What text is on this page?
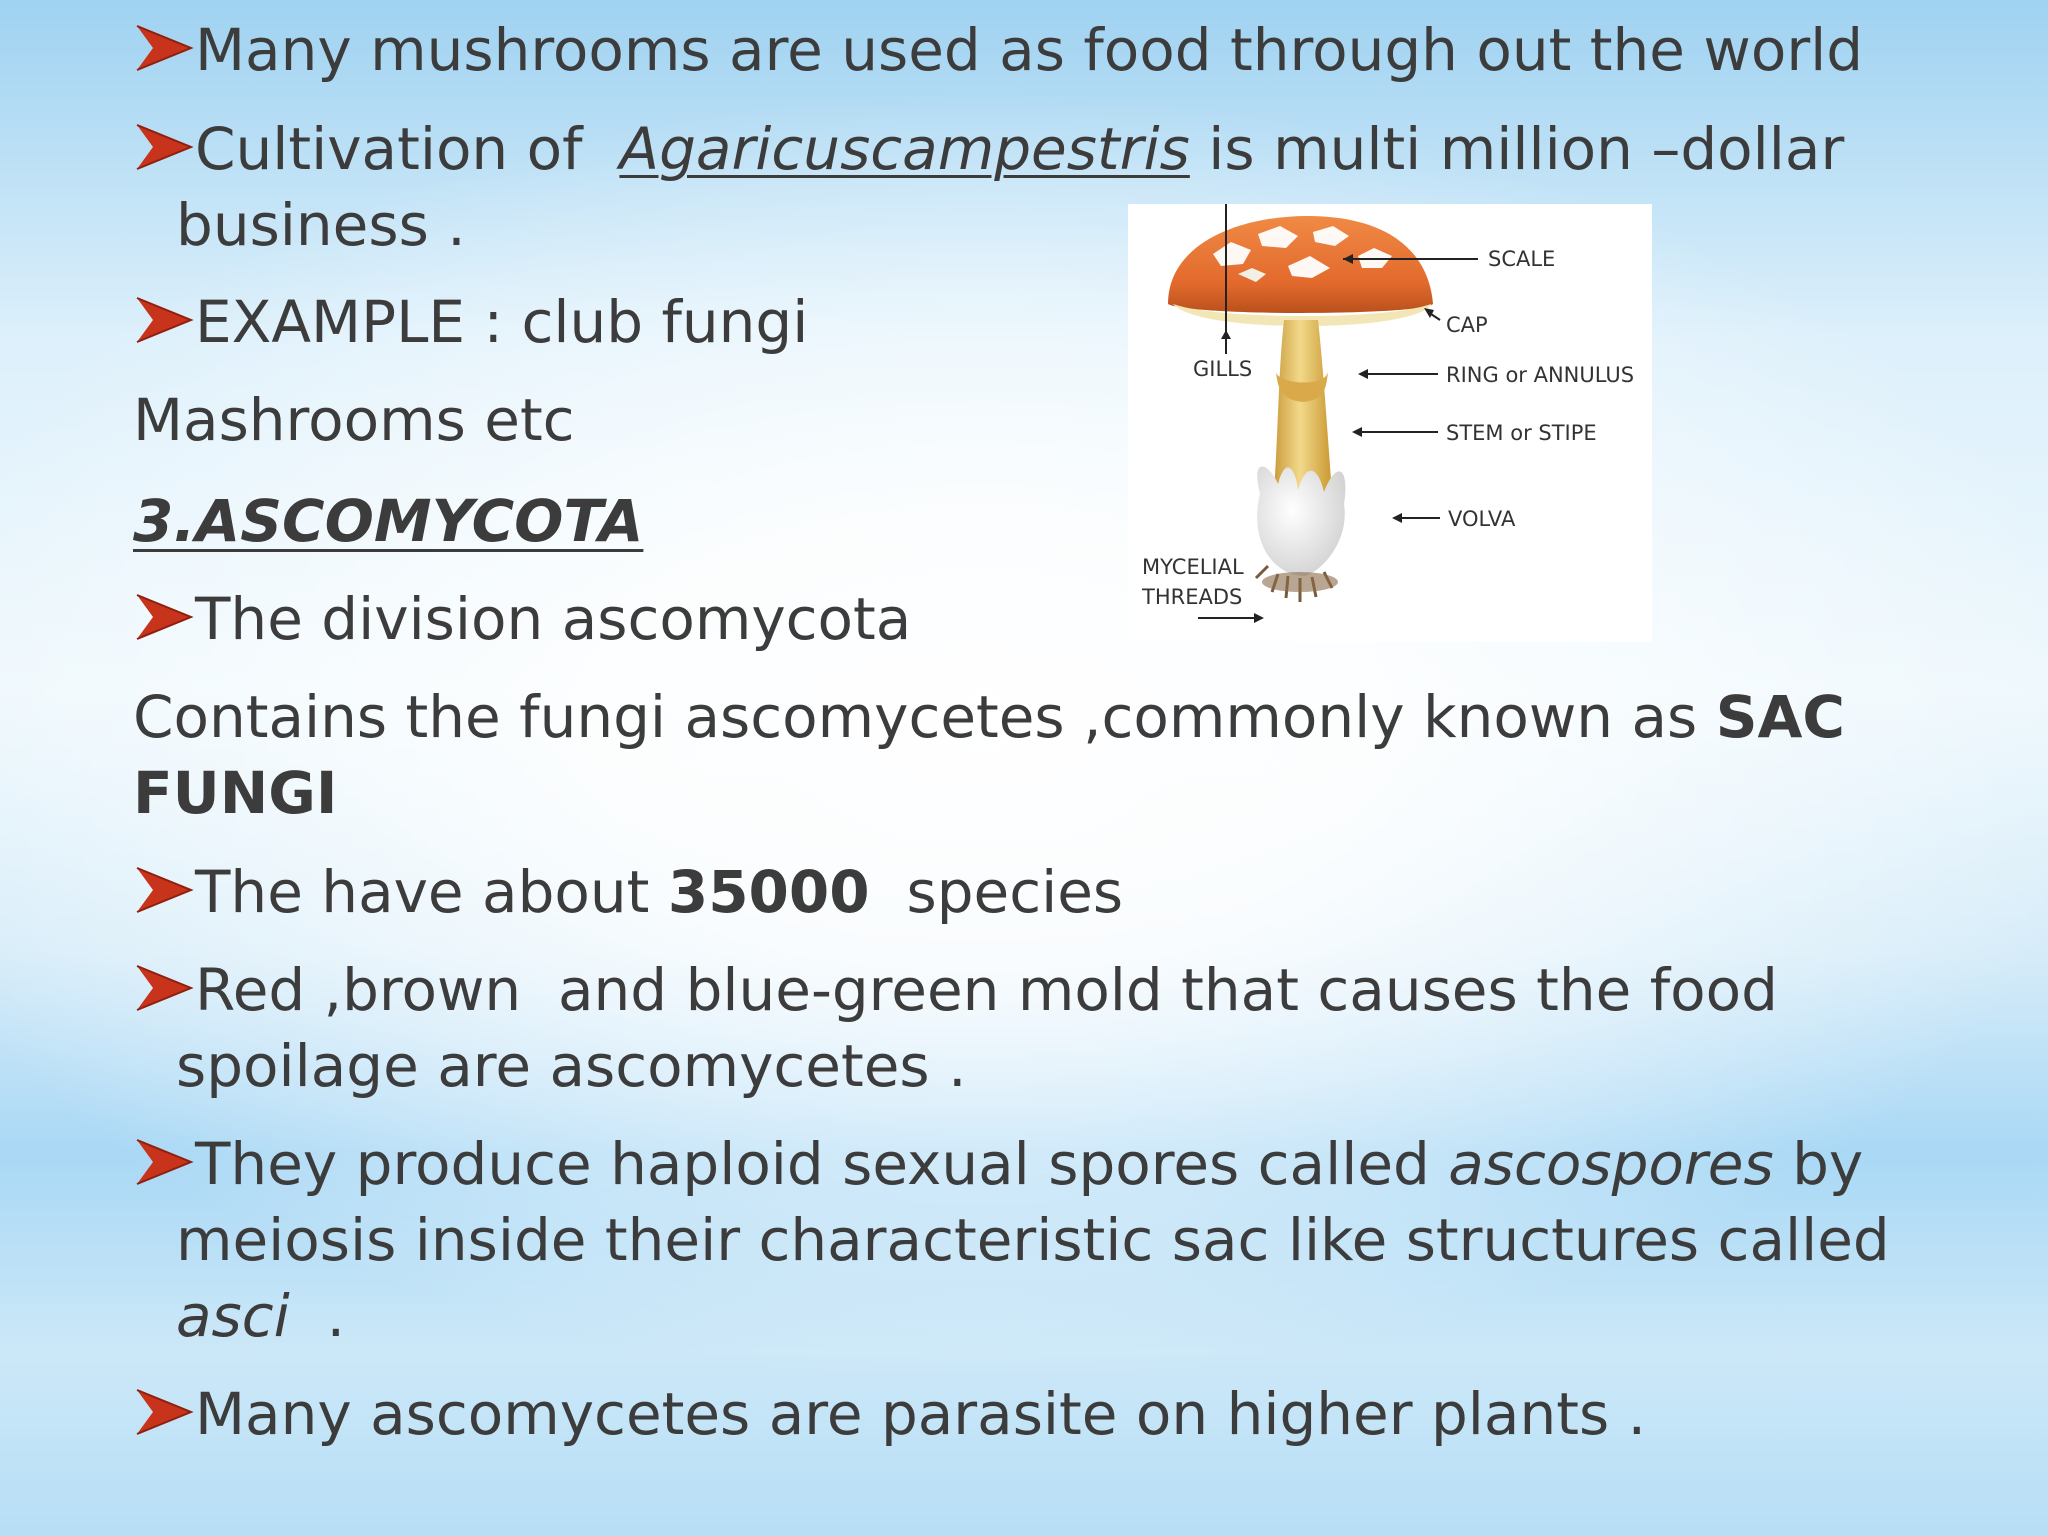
Many mushrooms are used as food through out the world
Cultivation of  Agaricuscampestris is multi million –dollar
business .
EXAMPLE : club fungi
Mashrooms etc
3.ASCOMYCOTA
The division ascomycota
Contains the fungi ascomycetes ,commonly known as SAC
FUNGI
The have about 35000  species
Red ,brown  and blue-green mold that causes the food
spoilage are ascomycetes .
They produce haploid sexual spores called ascospores by
meiosis inside their characteristic sac like structures called
asci  .
Many ascomycetes are parasite on higher plants .
SCALE
CAP
GILLS	RING or ANNULUS
STEM or STIPE
VOLVA
MYCELIAL
THREADS
